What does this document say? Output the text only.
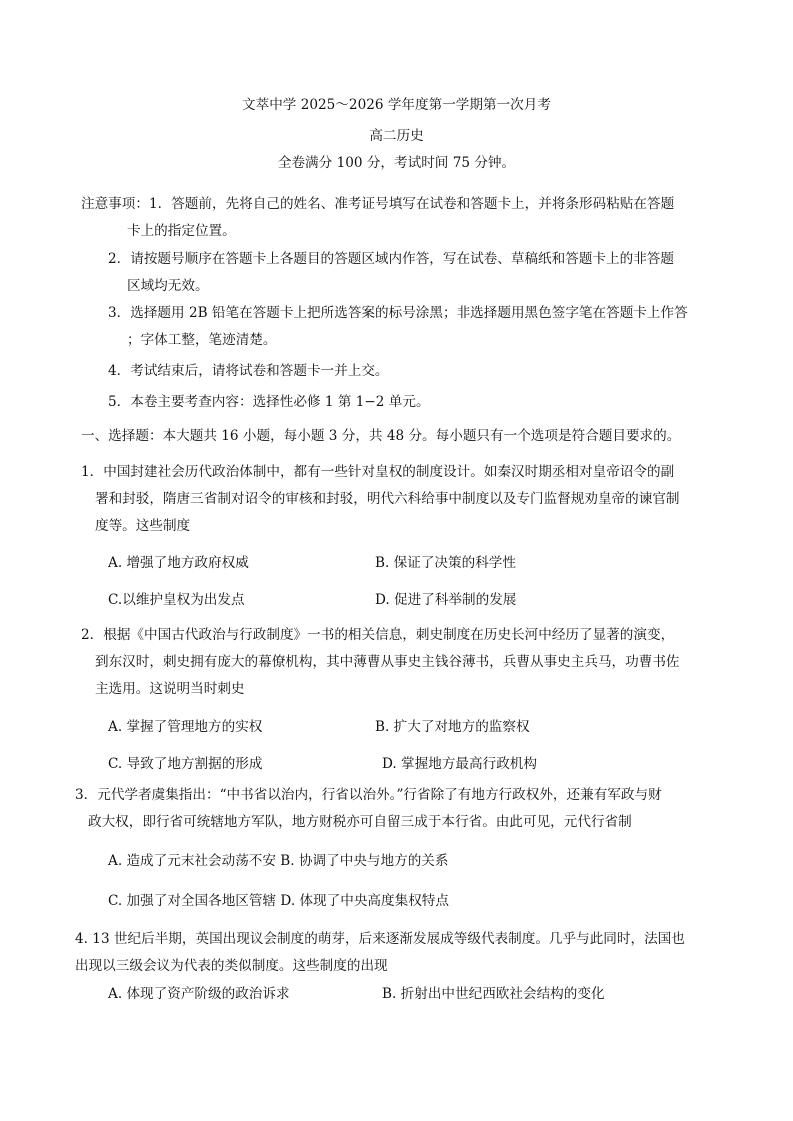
文萃中学 2025～2026 学年度第一学期第一次月考
高二历史
全卷满分 100 分，考试时间 75 分钟。
注意事项：1．答题前，先将自己的姓名、准考证号填写在试卷和答题卡上，并将条形码粘贴在答题
卡上的指定位置。
2．请按题号顺序在答题卡上各题目的答题区域内作答，写在试卷、草稿纸和答题卡上的非答题
区域均无效。
3．选择题用 2B 铅笔在答题卡上把所选答案的标号涂黑；非选择题用黑色签字笔在答题卡上作答
；字体工整，笔迹清楚。
4．考试结束后，请将试卷和答题卡一并上交。
5．本卷主要考查内容：选择性必修 1 第 1−2 单元。
一、选择题：本大题共 16 小题，每小题 3 分，共 48 分。每小题只有一个选项是符合题目要求的。
1．中国封建社会历代政治体制中，都有一些针对皇权的制度设计。如秦汉时期丞相对皇帝诏令的副
署和封驳，隋唐三省制对诏令的审核和封驳，明代六科给事中制度以及专门监督规劝皇帝的谏官制
度等。这些制度
A. 增强了地方政府权威	B. 保证了决策的科学性
C.以维护皇权为出发点	D. 促进了科举制的发展
2．根据《中国古代政治与行政制度》一书的相关信息，刺史制度在历史长河中经历了显著的演变，
到东汉时，刺史拥有庞大的幕僚机构，其中薄曹从事史主钱谷薄书，兵曹从事史主兵马，功曹书佐
主选用。这说明当时刺史
A. 掌握了管理地方的实权	B. 扩大了对地方的监察权
C. 导致了地方割据的形成	D. 掌握地方最高行政机构
3．元代学者虞集指出：“中书省以治内，行省以治外。”行省除了有地方行政权外，还兼有军政与财
政大权，即行省可统辖地方军队，地方财税亦可自留三成于本行省。由此可见，元代行省制
A. 造成了元末社会动荡不安 B. 协调了中央与地方的关系
C. 加强了对全国各地区管辖 D. 体现了中央高度集权特点
4. 13 世纪后半期，英国出现议会制度的萌芽，后来逐渐发展成等级代表制度。几乎与此同时，法国也
出现以三级会议为代表的类似制度。这些制度的出现
A. 体现了资产阶级的政治诉求	B. 折射出中世纪西欧社会结构的变化
